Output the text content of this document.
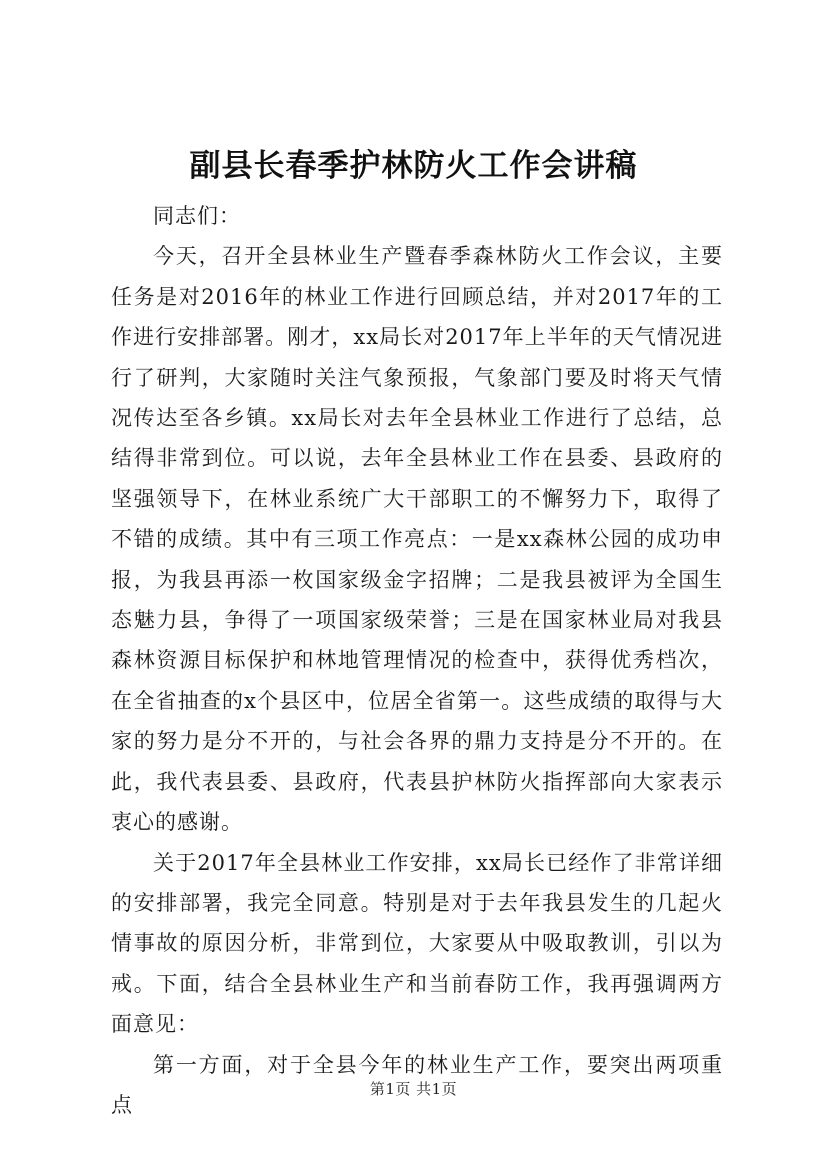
副县长春季护林防火工作会讲稿

同志们：

今天，召开全县林业生产暨春季森林防火工作会议，主要任务是对2016年的林业工作进行回顾总结，并对2017年的工作进行安排部署。刚才，xx局长对2017年上半年的天气情况进行了研判，大家随时关注气象预报，气象部门要及时将天气情况传达至各乡镇。xx局长对去年全县林业工作进行了总结，总结得非常到位。可以说，去年全县林业工作在县委、县政府的坚强领导下，在林业系统广大干部职工的不懈努力下，取得了不错的成绩。其中有三项工作亮点：一是xx森林公园的成功申报，为我县再添一枚国家级金字招牌；二是我县被评为全国生态魅力县，争得了一项国家级荣誉；三是在国家林业局对我县森林资源目标保护和林地管理情况的检查中，获得优秀档次，在全省抽查的x个县区中，位居全省第一。这些成绩的取得与大家的努力是分不开的，与社会各界的鼎力支持是分不开的。在此，我代表县委、县政府，代表县护林防火指挥部向大家表示衷心的感谢。

关于2017年全县林业工作安排，xx局长已经作了非常详细的安排部署，我完全同意。特别是对于去年我县发生的几起火情事故的原因分析，非常到位，大家要从中吸取教训，引以为戒。下面，结合全县林业生产和当前春防工作，我再强调两方面意见：

第一方面，对于全县今年的林业生产工作，要突出两项重点

第1页 共1页
